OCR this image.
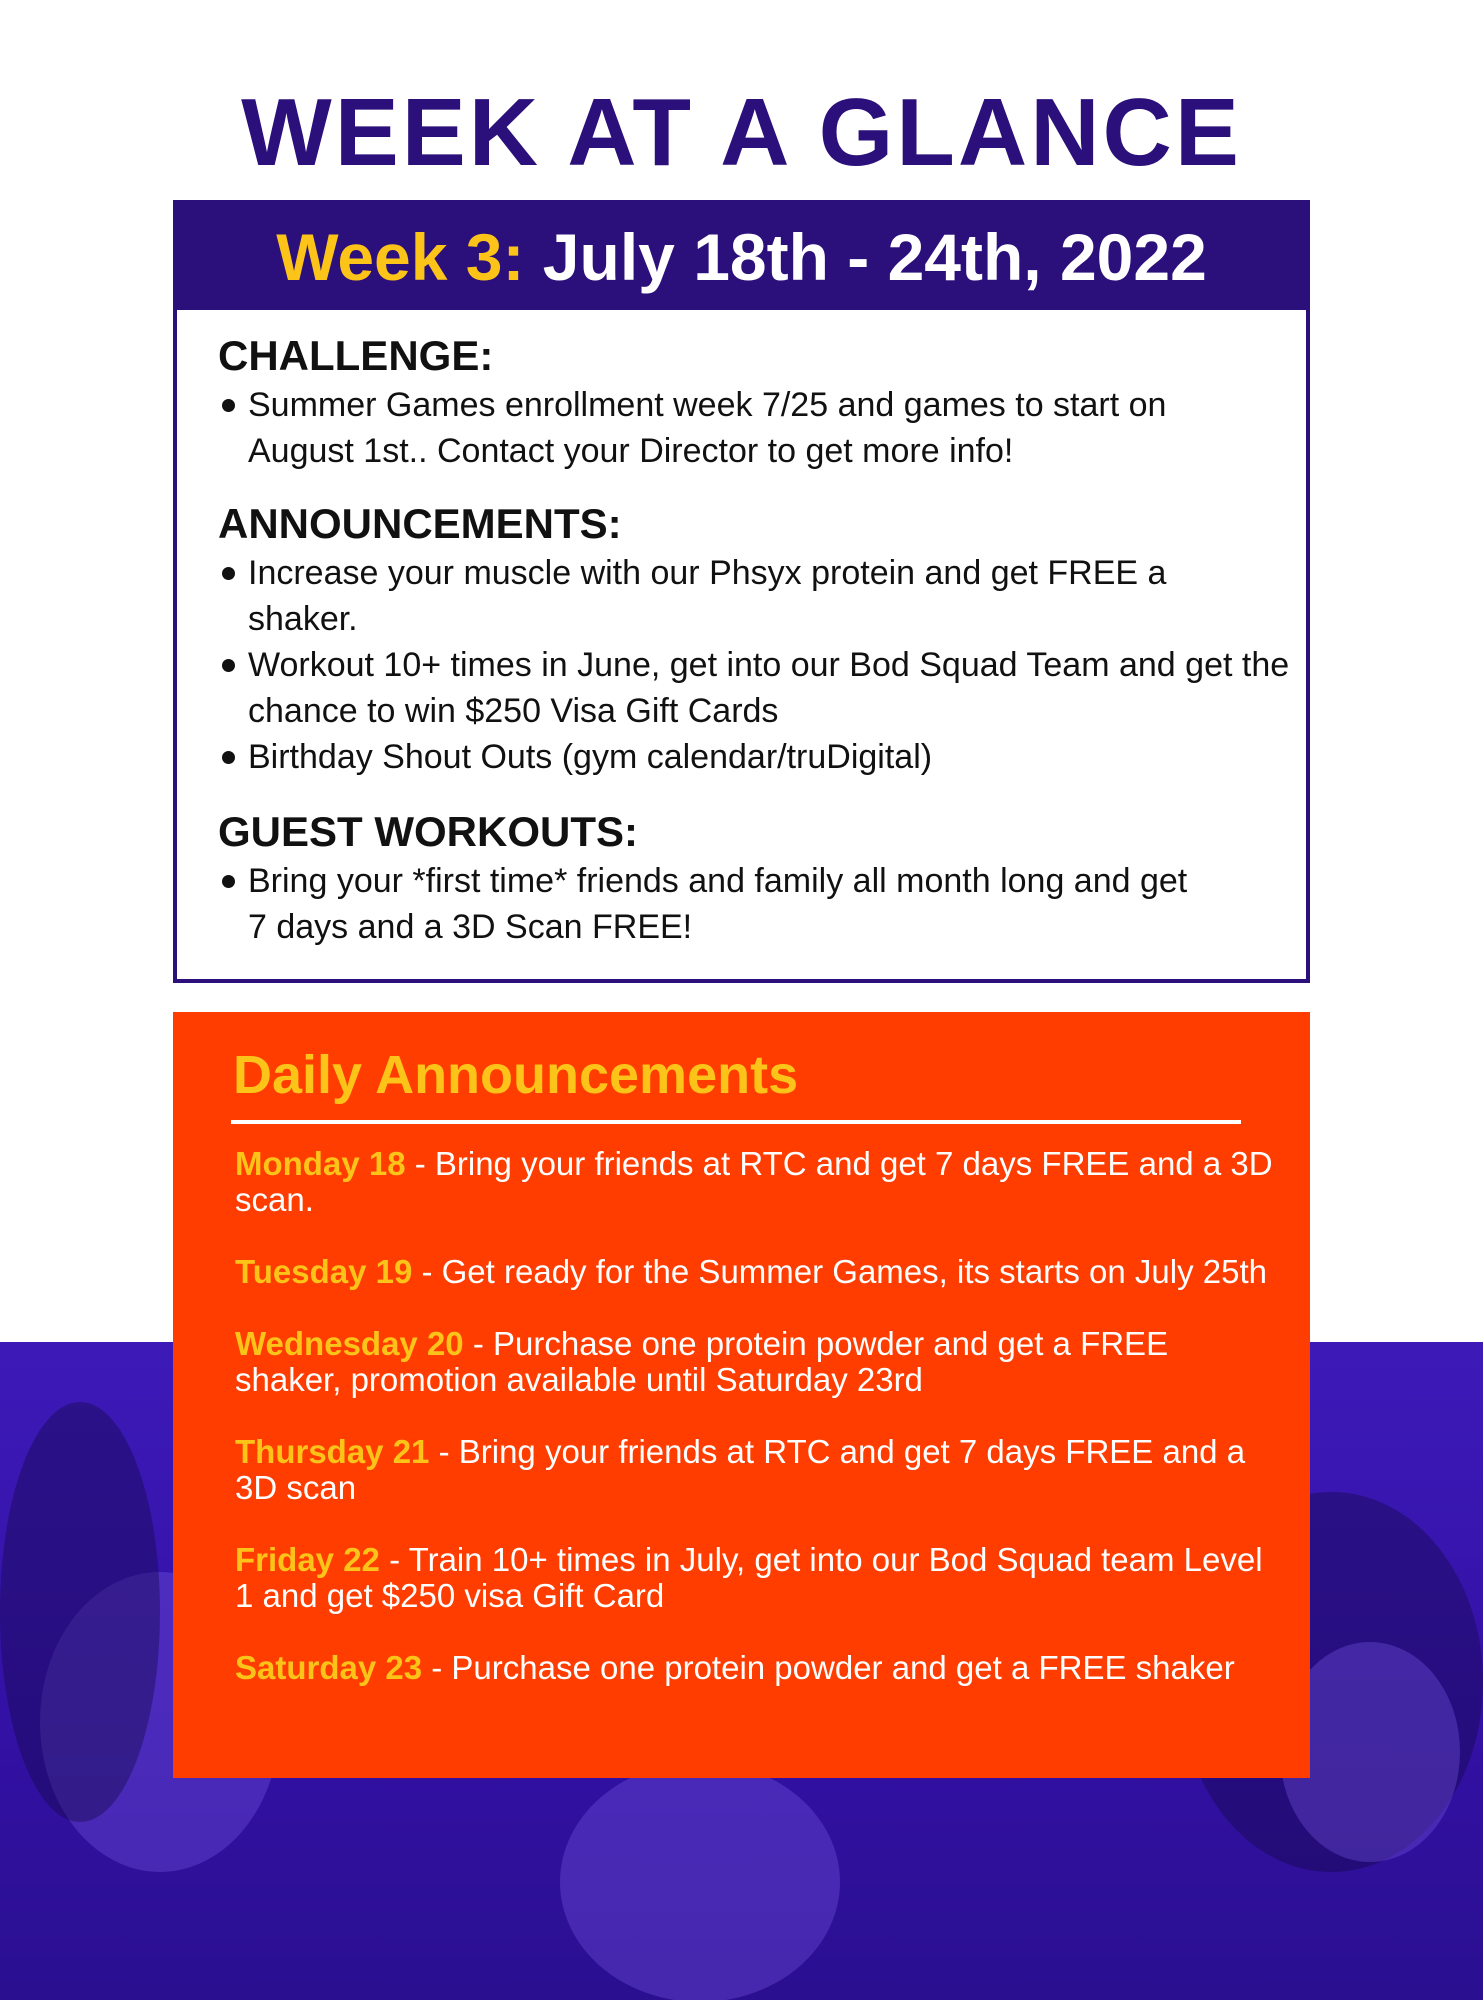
WEEK AT A GLANCE
Week 3: July 18th - 24th, 2022
CHALLENGE:
Summer Games enrollment week 7/25 and games to start on August 1st.. Contact your Director to get more info!
ANNOUNCEMENTS:
Increase your muscle with our Phsyx protein and get FREE a shaker.
Workout 10+ times in June, get into our Bod Squad Team and get the chance to win $250 Visa Gift Cards
Birthday Shout Outs (gym calendar/truDigital)
GUEST WORKOUTS:
Bring your *first time* friends and family all month long and get 7 days and a 3D Scan FREE!
Daily Announcements

Monday 18 - Bring your friends at RTC and get 7 days FREE and a 3D scan.

Tuesday 19 - Get ready for the Summer Games, its starts on July 25th

Wednesday 20 - Purchase one protein powder and get a FREE shaker, promotion available until Saturday 23rd

Thursday 21 - Bring your friends at RTC and get 7 days FREE and a 3D scan

Friday 22 - Train 10+ times in July, get into our Bod Squad team Level 1 and get $250 visa Gift Card

Saturday 23 - Purchase one protein powder and get a FREE shaker
